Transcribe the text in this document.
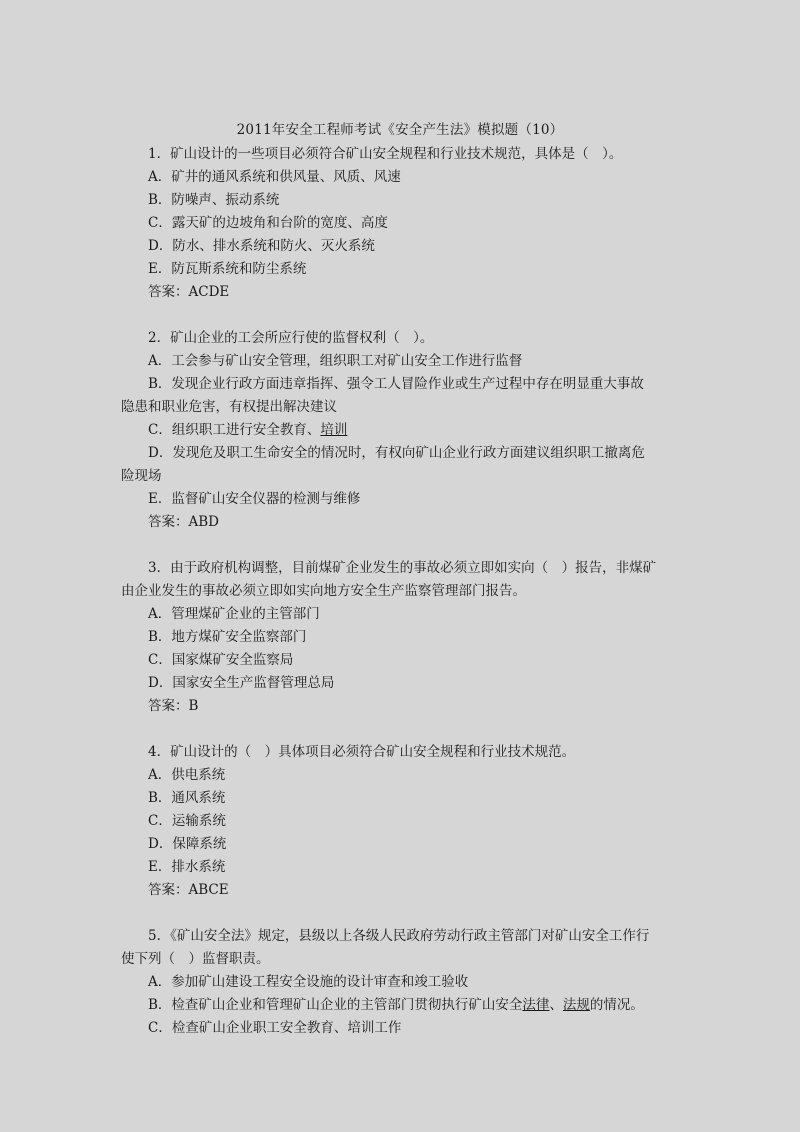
2011年安全工程师考试《安全产生法》模拟题（10）
1．矿山设计的一些项目必须符合矿山安全规程和行业技术规范，具体是（　）。
A．矿井的通风系统和供风量、风质、风速
B．防噪声、振动系统
C．露天矿的边坡角和台阶的宽度、高度
D．防水、排水系统和防火、灭火系统
E．防瓦斯系统和防尘系统
答案：ACDE
2．矿山企业的工会所应行使的监督权利（　）。
A．工会参与矿山安全管理，组织职工对矿山安全工作进行监督
B．发现企业行政方面违章指挥、强令工人冒险作业或生产过程中存在明显重大事故
隐患和职业危害，有权提出解决建议
C．组织职工进行安全教育、培训
D．发现危及职工生命安全的情况时，有权向矿山企业行政方面建议组织职工撤离危
险现场
E．监督矿山安全仪器的检测与维修
答案：ABD
3．由于政府机构调整，目前煤矿企业发生的事故必须立即如实向（　）报告，非煤矿
由企业发生的事故必须立即如实向地方安全生产监察管理部门报告。
A．管理煤矿企业的主管部门
B．地方煤矿安全监察部门
C．国家煤矿安全监察局
D．国家安全生产监督管理总局
答案：B
4．矿山设计的（　）具体项目必须符合矿山安全规程和行业技术规范。
A．供电系统
B．通风系统
C．运输系统
D．保障系统
E．排水系统
答案：ABCE
5．《矿山安全法》规定，县级以上各级人民政府劳动行政主管部门对矿山安全工作行
使下列（　）监督职责。
A．参加矿山建设工程安全设施的设计审查和竣工验收
B．检查矿山企业和管理矿山企业的主管部门贯彻执行矿山安全法律、法规的情况。
C．检查矿山企业职工安全教育、培训工作
